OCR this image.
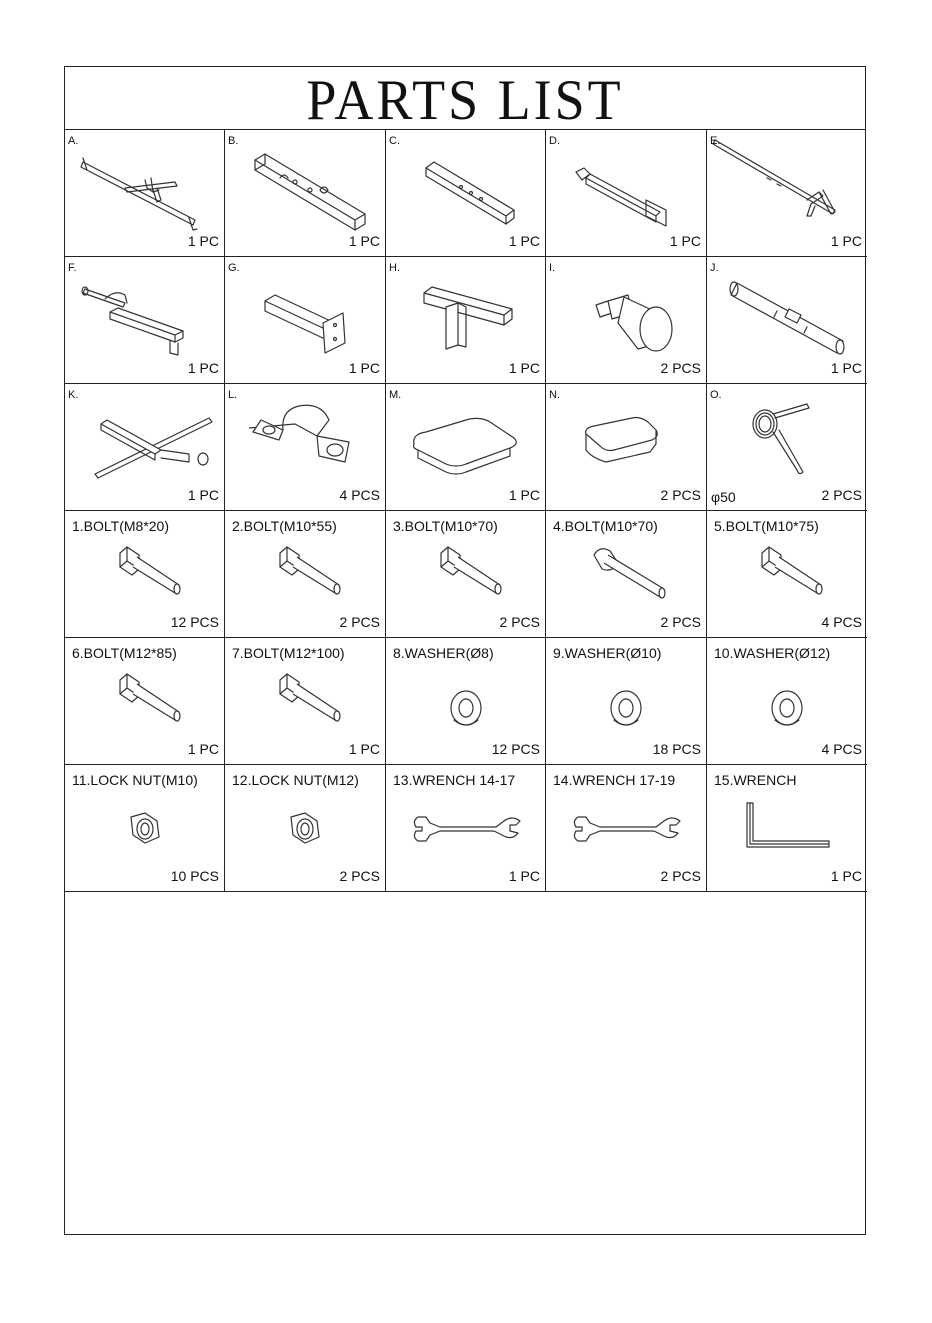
PARTS LIST
A.
1 PC
B.
1 PC
C.
1 PC
D.
1 PC
E.
1 PC
F.
1 PC
G.
1 PC
H.
1 PC
I.
2 PCS
J.
1 PC
K.
1 PC
L.
4 PCS
M.
1 PC
N.
2 PCS
O.
φ50	2 PCS
1.BOLT(M8*20)
12 PCS
2.BOLT(M10*55)
2 PCS
3.BOLT(M10*70)
2 PCS
4.BOLT(M10*70)
2 PCS
5.BOLT(M10*75)
4 PCS
6.BOLT(M12*85)
1 PC
7.BOLT(M12*100)
1 PC
8.WASHER(Ø8)
12 PCS
9.WASHER(Ø10)
18 PCS
10.WASHER(Ø12)
4 PCS
11.LOCK NUT(M10)
10 PCS
12.LOCK NUT(M12)
2 PCS
13.WRENCH 14-17
1 PC
14.WRENCH 17-19
2 PCS
15.WRENCH
1 PC
